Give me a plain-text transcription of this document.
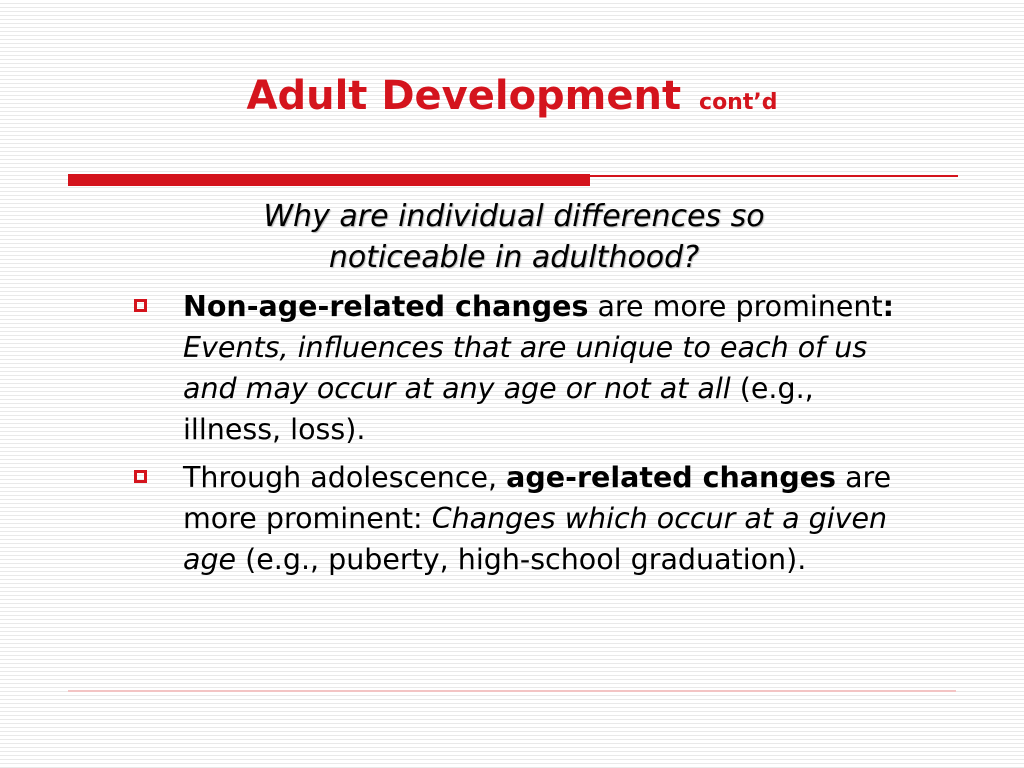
Adult Development cont’d
Why are individual differences so
noticeable in adulthood?
Non-age-related changes are more prominent: Events, influences that are unique to each of us and may occur at any age or not at all (e.g., illness, loss).
Through adolescence, age-related changes are more prominent: Changes which occur at a given age (e.g., puberty, high-school graduation).
